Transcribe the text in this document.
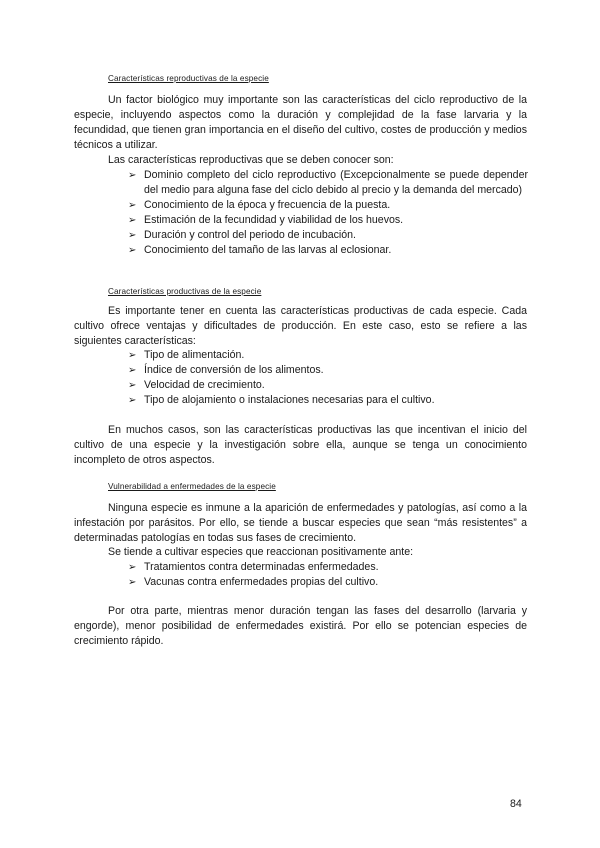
Características reproductivas de la especie
Un factor biológico muy importante son las características del ciclo reproductivo de la especie, incluyendo aspectos como la duración y complejidad de la fase larvaria y la fecundidad, que tienen gran importancia en el diseño del cultivo, costes de producción y medios técnicos a utilizar.
Las características reproductivas que se deben conocer son:
➢ Dominio completo del ciclo reproductivo (Excepcionalmente se puede depender del medio para alguna fase del ciclo debido al precio y la demanda del mercado)
➢ Conocimiento de la época y frecuencia de la puesta.
➢ Estimación de la fecundidad y viabilidad de los huevos.
➢ Duración y control del periodo de incubación.
➢ Conocimiento del tamaño de las larvas al eclosionar.
Características productivas de la especie
Es importante tener en cuenta las características productivas de cada especie. Cada cultivo ofrece ventajas y dificultades de producción. En este caso, esto se refiere a las siguientes características:
➢ Tipo de alimentación.
➢ Índice de conversión de los alimentos.
➢ Velocidad de crecimiento.
➢ Tipo de alojamiento o instalaciones necesarias para el cultivo.
En muchos casos, son las características productivas las que incentivan el inicio del cultivo de una especie y la investigación sobre ella, aunque se tenga un conocimiento incompleto de otros aspectos.
Vulnerabilidad a enfermedades de la especie
Ninguna especie es inmune a la aparición de enfermedades y patologías, así como a la infestación por parásitos. Por ello, se tiende a buscar especies que sean “más resistentes” a determinadas patologías en todas sus fases de crecimiento.
Se tiende a cultivar especies que reaccionan positivamente ante:
➢ Tratamientos contra determinadas enfermedades.
➢ Vacunas contra enfermedades propias del cultivo.
Por otra parte, mientras menor duración tengan las fases del desarrollo (larvaria y engorde), menor posibilidad de enfermedades existirá. Por ello se potencian especies de crecimiento rápido.
84
